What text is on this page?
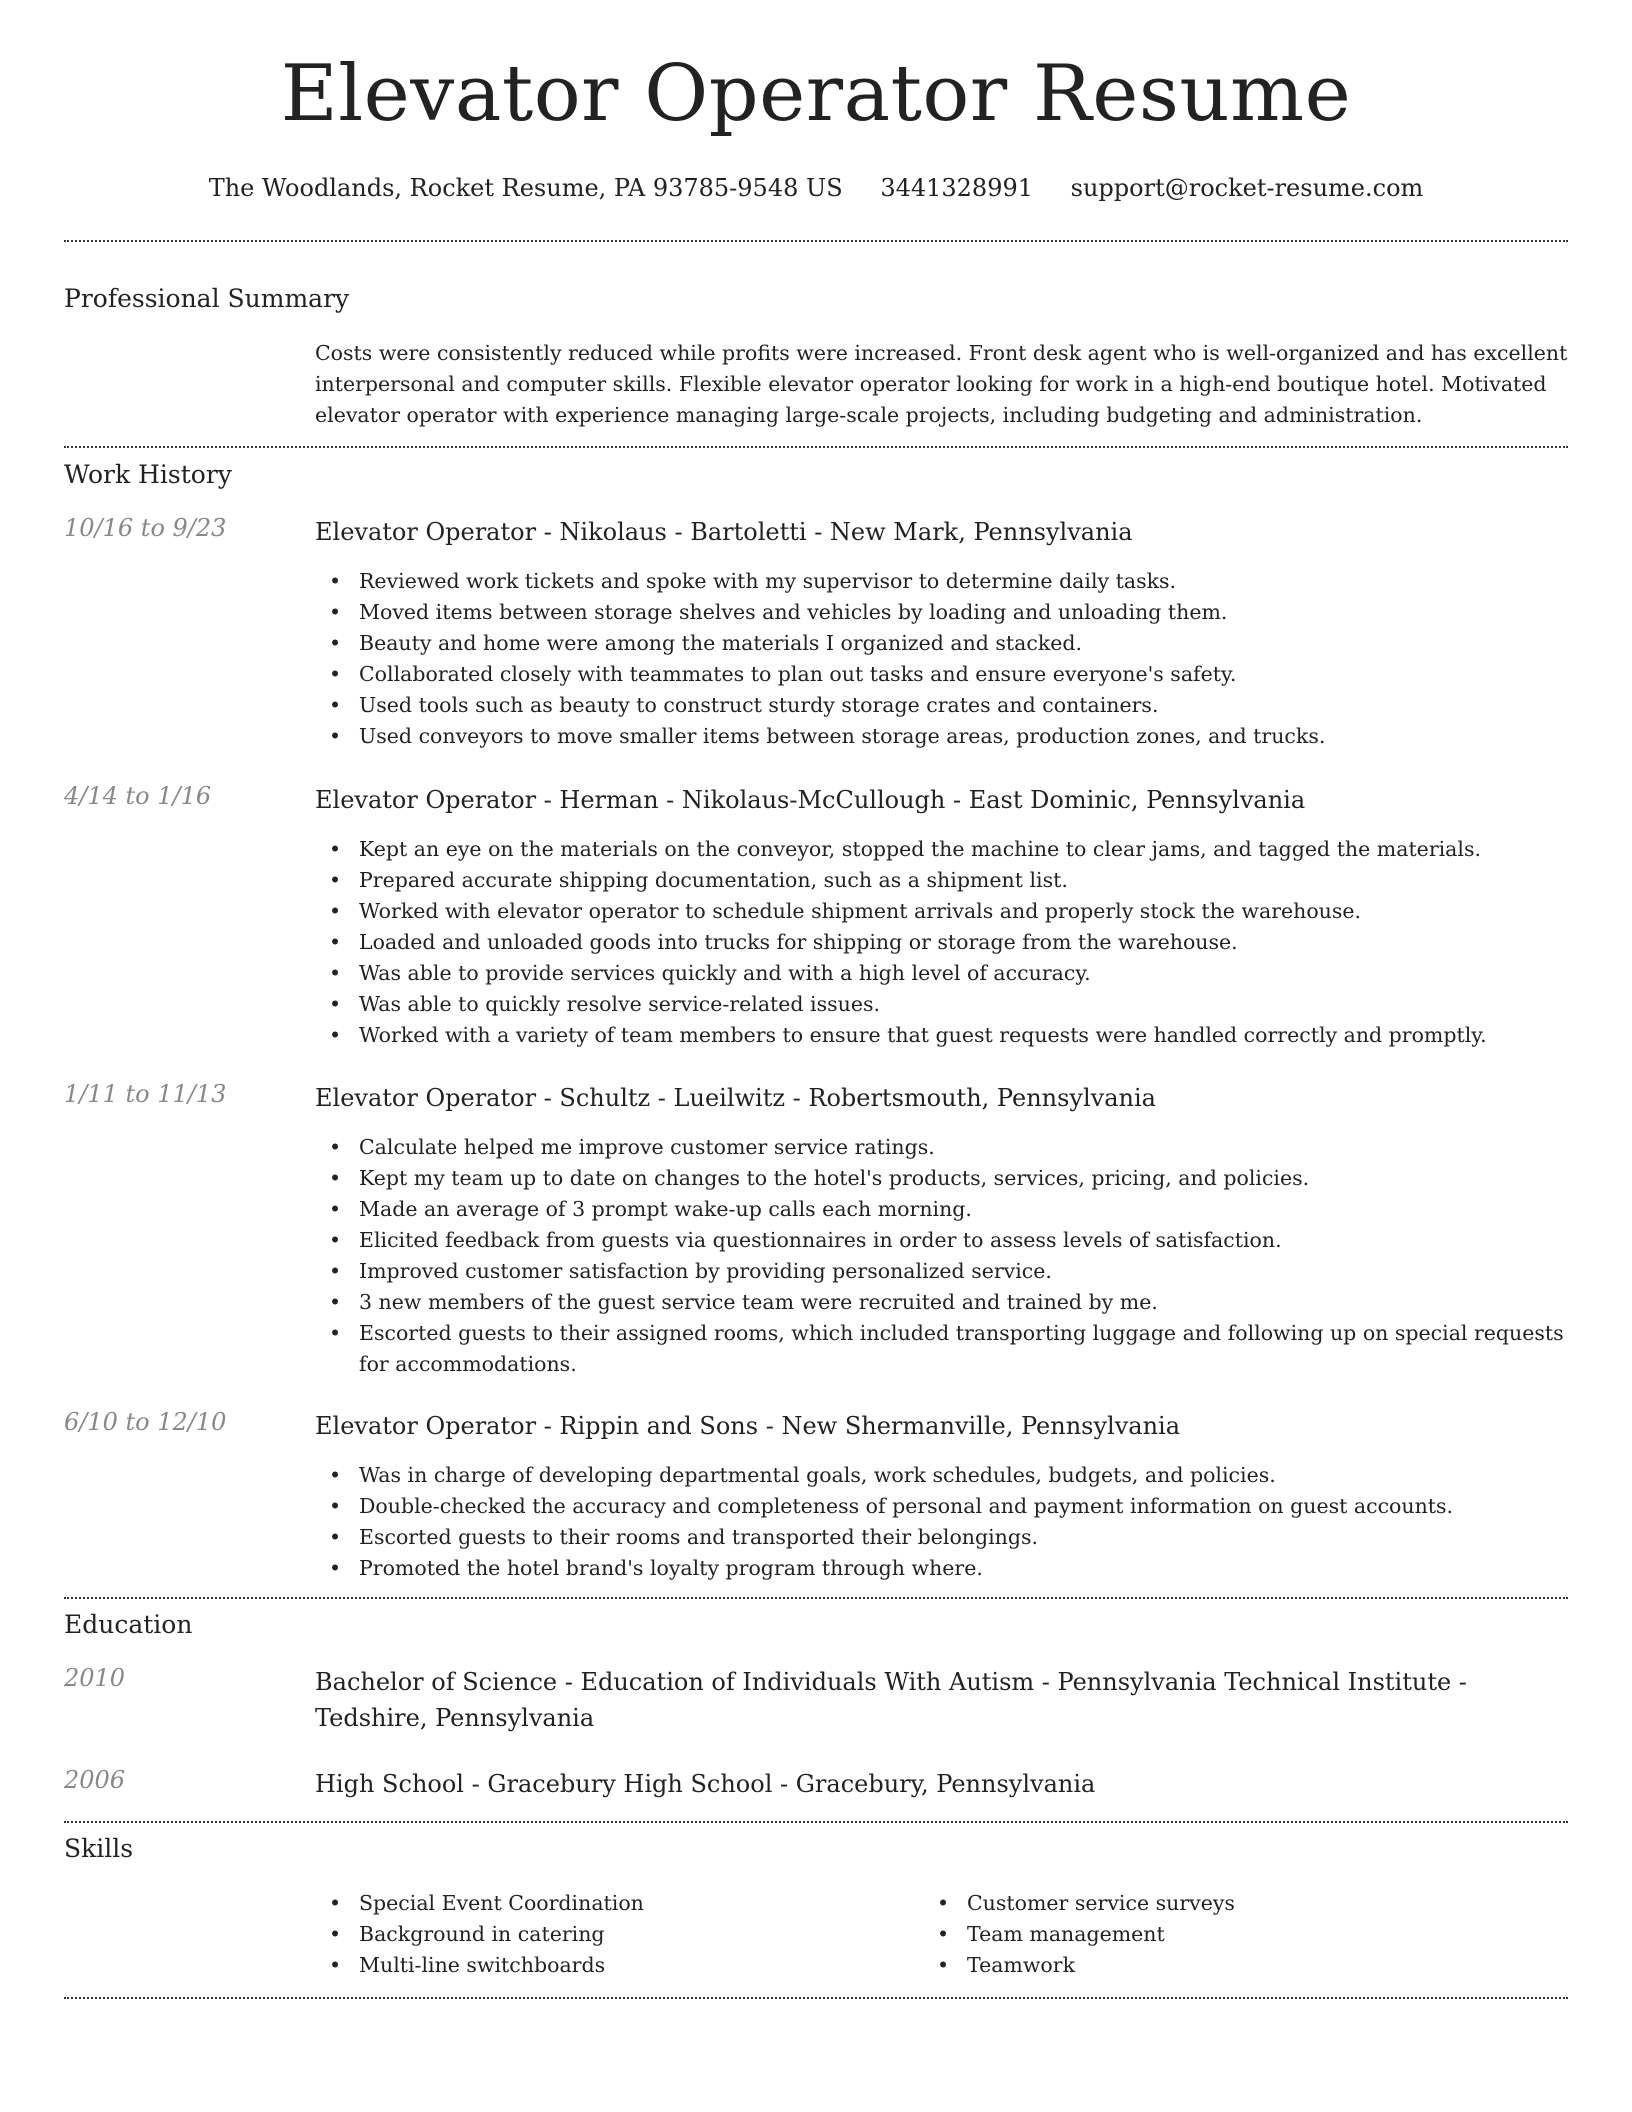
Elevator Operator Resume
The Woodlands, Rocket Resume, PA 93785-9548 US 3441328991 support@rocket-resume.com
Professional Summary

Costs were consistently reduced while profits were increased. Front desk agent who is well-organized and has excellent interpersonal and computer skills. Flexible elevator operator looking for work in a high-end boutique hotel. Motivated elevator operator with experience managing large-scale projects, including budgeting and administration.

Work History
10/16 to 9/23	Elevator Operator - Nikolaus - Bartoletti - New Mark, Pennsylvania
• Reviewed work tickets and spoke with my supervisor to determine daily tasks.
• Moved items between storage shelves and vehicles by loading and unloading them.
• Beauty and home were among the materials I organized and stacked.
• Collaborated closely with teammates to plan out tasks and ensure everyone's safety.
• Used tools such as beauty to construct sturdy storage crates and containers.
• Used conveyors to move smaller items between storage areas, production zones, and trucks.
4/14 to 1/16	Elevator Operator - Herman - Nikolaus-McCullough - East Dominic, Pennsylvania
• Kept an eye on the materials on the conveyor, stopped the machine to clear jams, and tagged the materials.
• Prepared accurate shipping documentation, such as a shipment list.
• Worked with elevator operator to schedule shipment arrivals and properly stock the warehouse.
• Loaded and unloaded goods into trucks for shipping or storage from the warehouse.
• Was able to provide services quickly and with a high level of accuracy.
• Was able to quickly resolve service-related issues.
• Worked with a variety of team members to ensure that guest requests were handled correctly and promptly.
1/11 to 11/13	Elevator Operator - Schultz - Lueilwitz - Robertsmouth, Pennsylvania
• Calculate helped me improve customer service ratings.
• Kept my team up to date on changes to the hotel's products, services, pricing, and policies.
• Made an average of 3 prompt wake-up calls each morning.
• Elicited feedback from guests via questionnaires in order to assess levels of satisfaction.
• Improved customer satisfaction by providing personalized service.
• 3 new members of the guest service team were recruited and trained by me.
• Escorted guests to their assigned rooms, which included transporting luggage and following up on special requests for accommodations.
6/10 to 12/10	Elevator Operator - Rippin and Sons - New Shermanville, Pennsylvania
• Was in charge of developing departmental goals, work schedules, budgets, and policies.
• Double-checked the accuracy and completeness of personal and payment information on guest accounts.
• Escorted guests to their rooms and transported their belongings.
• Promoted the hotel brand's loyalty program through where.
Education
2010	Bachelor of Science - Education of Individuals With Autism - Pennsylvania Technical Institute - Tedshire, Pennsylvania
2006	High School - Gracebury High School - Gracebury, Pennsylvania
Skills
• Special Event Coordination
• Background in catering
• Multi-line switchboards
• Customer service surveys
• Team management
• Teamwork
